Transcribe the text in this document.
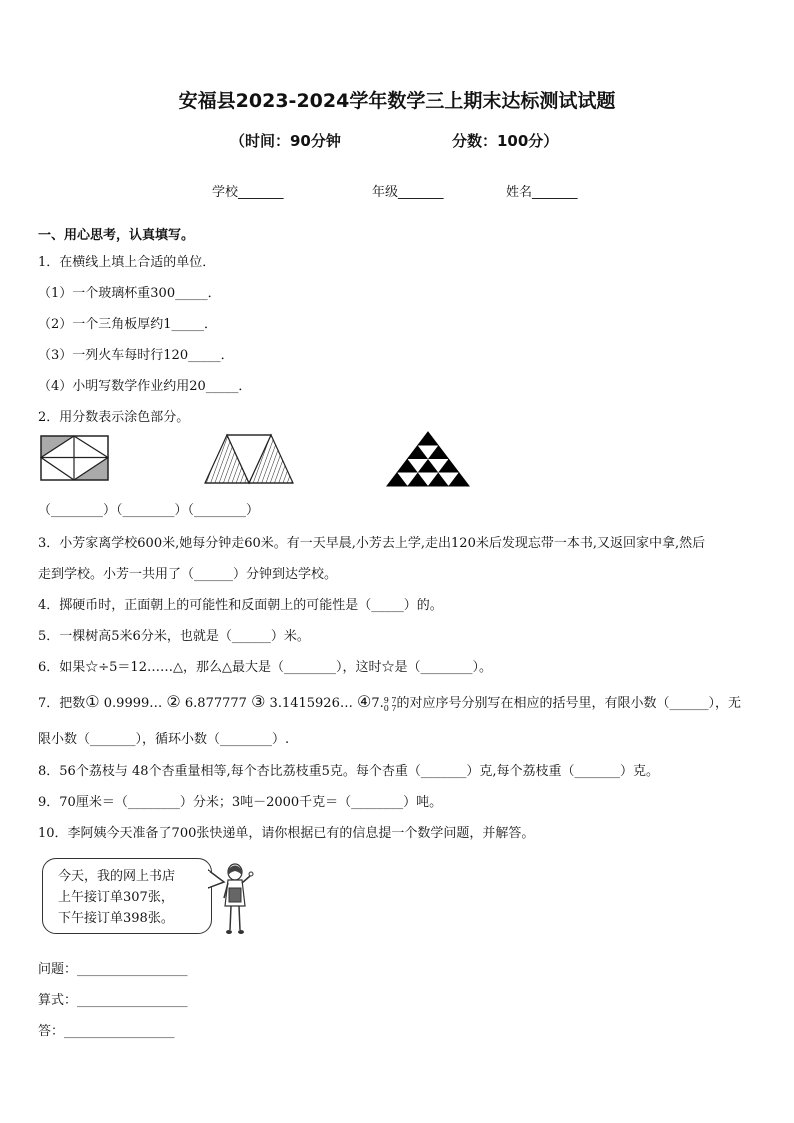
安福县2023-2024学年数学三上期末达标测试试题
（时间：90分钟	分数：100分）
学校_______	年级_______	姓名_______
一、用心思考，认真填写。
1．在横线上填上合适的单位．
（1）一个玻璃杯重300_____．
（2）一个三角板厚约1_____．
（3）一列火车每时行120_____．
（4）小明写数学作业约用20_____．
2．用分数表示涂色部分。
（________）（________）（________）
3．小芳家离学校600米,她每分钟走60米。有一天早晨,小芳去上学,走出120米后发现忘带一本书,又返回家中拿,然后
走到学校。小芳一共用了（______）分钟到达学校。
4．掷硬币时，正面朝上的可能性和反面朝上的可能性是（_____）的。
5．一棵树高5米6分米，也就是（______）米。
6．如果☆÷5＝12……△，那么△最大是（________），这时☆是（________）。
7．把数① 0.9999… ② 6.877777 ③ 3.1415926… ④7.9 7
0 7的对应序号分别写在相应的括号里，有限小数（______），无
限小数（_______），循环小数（________）.
8．56个荔枝与 48个杏重量相等,每个杏比荔枝重5克。每个杏重（_______）克,每个荔枝重（_______）克。
9．70厘米＝（________）分米；3吨－2000千克＝（________）吨。
10．李阿姨今天准备了700张快递单，请你根据已有的信息提一个数学问题，并解答。
今天，我的网上书店
上午接订单307张，
下午接订单398张。
问题：_________________
算式：_________________
答：_________________
